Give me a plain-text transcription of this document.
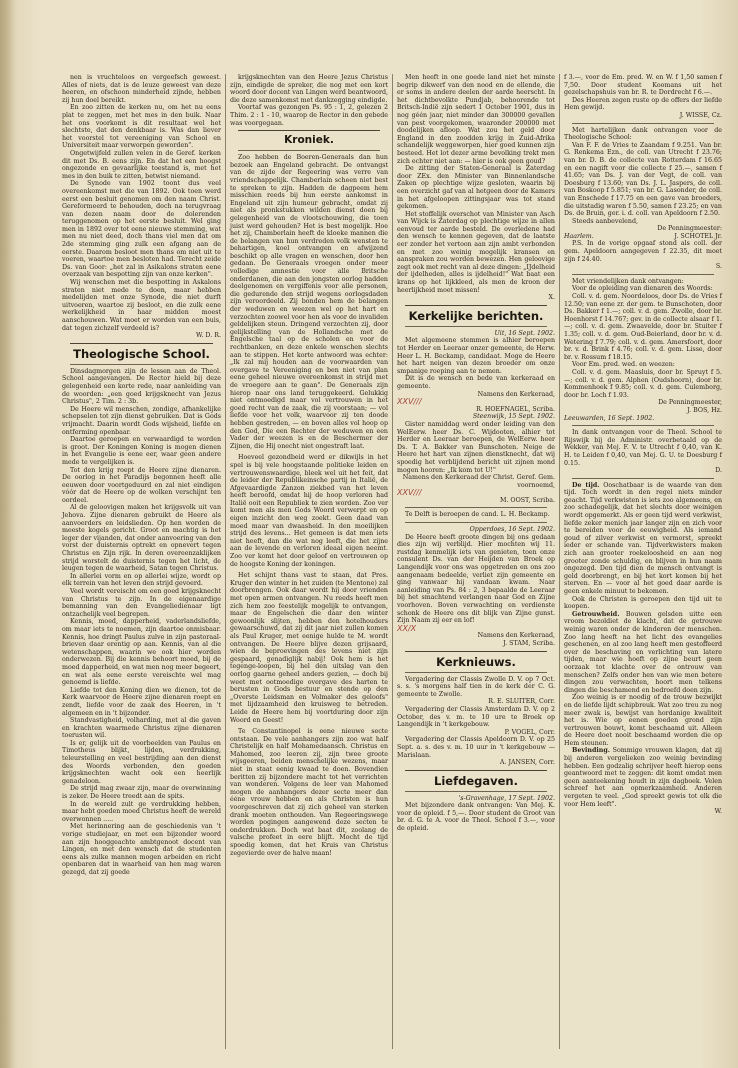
nen is vruchteloos en vergeefsch geweest. Alles of niets, dat is de leuze geweest van deze heeren, en ofschoon minderheid zijnde, hebben zij hun doel bereikt.

En zoo zitten de kerken nu, om het nu eens plat te zeggen, met het mes in den buik. Naar het ons voorkomt is dit resultaat wel het slechtste, dat den denkbaar is. Was dan liever het voorstel tot vereeniging van School en Universiteit maar verworpen geworden".

Ongetwijfeld zullen velen in de Geref. kerken dit met Ds. B. eens zijn. En dat het een hoogst ongezonde en gevaarlijke toestand is, met het mes in den buik te zitten, betwist niemand.

De Synode van 1902 toont dus veel overeenkomst met die van 1892. Ook toen werd eerst een besluit genomen om den naam Christ. Gereformeerd te behouden, doch na terugvraag van dezen naam door de dolerenden teruggenomen op het eerste besluit. Wel ging men in 1892 over tot eene nieuwe stemming, wat men nu niet deed, doch thans viel men dat om 2de stemming ging zulk een afgang aan de eerste. Daarom besloot men thans om niet uit te voeren, waartoe men besloten had. Terecht zeide Ds. van Goor: „het zal in Asikalons straten eene overzaak van bespotting zijn van onze kerken".

Wij wenschen met die bespotting in Askalons straten niet mede te doen, maar hebben medelijden met onze Synode, die niet durft uitvoeren, waartoe zij besloot, en die zulk eene werkelijkheid in haar midden moest aanschouwen. Wat moet er worden van een buis, dat tegen zichzelf verdeeld is?

W. D. R.

Theologische School.

Dinsdagmorgen zijn de lessen aan de Theol. School aangevangen. De Rector hield bij deze gelegenheid een korte rede, naar aanleiding van de woorden: „een goed krijgsknecht van Jezus Christus", 2 Tim. 2 : 3b.

De Heere wil menschen, zondige, afhankelijke schepselen tot zijn dienst gebruiken. Dat is Gods vrijmacht. Daarin wordt Gods wijsheid, liefde en ontferming openbaar.

Daartoe geroepen en verwaardigd te worden is groot. Der Koningen Koning is mogen dienen in het Evangelie is eene eer, waar geen andere mede te vergelijken is.

Tot den krijg roept de Heere zijne dienaren. De oorlog in het Paradijs begonnen heeft alle eeuwen door voortgeduurd en zal niet eindigen vóór dat de Heere op de wolken verschijnt ten oordeel.

Al de geloovigen maken het krijgsvolk uit van Jehova. Zijne dienaren gebruikt de Heere als aanvoerders en leidslieden. Op hen worden de meeste kogels gericht. Groot en machtig is het leger der vijanden, dat onder aanvoering van den vorst der duisternis optrekt en opnevert tegen Christus en Zijn rijk. In deren overeenzaklijken strijd worstelt de duisternis tegen het licht, de leugen tegen de waarheid, Satan tegen Christus.

In allerlei vorm en op allerlei wijze, wordt op elk terrein van het leven den strijd gevoerd.

Veel wordt vereischt om een goed krijgsknecht van Christus te zijn. In de eigenaardige bemanning van den Evangeliedienaar ligt ontzachelijk veel begrepen.

Kennis, moed, dapperheid, vaderlandsliefde, om maar iets te noemen, zijn daartoe onmisbaar. Kennis, hoe dringt Paulus zulve in zijn pastoraal-brieven daar erentig op aan. Kennis, van al die wetenschappen, waarin we ook hier worden onderwezen. Bij die kennis behoort moed, bij de moed dapperheid, en wat men nog meer begeert, en wat als eene eerste vereischte wel mag genoemd is liefde.

Liefde tot den Koning dien we dienen, tot de Kerk waarvoor de Heere zijne dienaren roept en zendt, liefde voor de zaak des Heeren, in 't algemeen en in 't bijzonder.

Standvastigheid, volharding, met al die gaven en krachten waarmede Christus zijne dienaren toerusten wil.

Is er, gelijk uit de voorbeelden van Paulus en Timotheus blijkt, lijden, verdrukking, teleurstelling en veel bestrijding aan den dienst des Woords verbonden, den goeden krijgsknechten wacht ook een heerlijk genadeloon.

De strijd mag zwaar zijn, maar de overwinning is zeker. De Heere treedt aan de spits.

In de wereld zult ge verdrukking hebben, maar hebt goeden moed Christus heeft de wereld overwonnen .....

Met herinnering aan de geschiedenis van 't vorige studiejaar, en met een bijzonder woord aan zijn hooggeachte ambtgenoot docent van Lingen, en met den wensch dat de studenten eens als zulke mannen mogen arbeiden en richt openbaren dat in waarheid van hen mag waren gezegd, dat zij goede

krijgsknechten van den Heere Jezus Christus zijn, eindigde de spreker, die nog met een kort woord door docent van Lingen werd beantwoord, die deze samenkomst met dankzegging eindigde.

Voortaf was gezongen Ps. 95 : 1, 2, gelezen 2 Thim. 2 : 1 - 10, waarop de Rector in den gebede was voorgegaan.

Kroniek.

Zoo hebben de Boeren-Generaals dan hun bezoek aan Engeland gebracht. De ontvangst van de zijde der Regeering was verre van vriendschappelijk. Chamberlain scheen niet best te spreken te zijn. Hadden de dagpeem hem misschien reeds bij hun eerste aankomst in Engeland uit zijn humeur gebracht, omdat zij niet als pronkstukken wilden dienst doen bij gelegenheid van de vlootschouwing, die toen juist werd gehouden? Het is best mogelijk. Hoe het zij, Chamberlain heeft de kloeke mannen die de belangen van hun verdreden volk wensten te behartigen, koel ontvangen en afwijzend beschikt op alle vragen en wenschen, door hen gedaan. De Generaals vroegen onder meer volledige amnestie voor alle Britsche onderdanen, die aan den jongsten oorlog hadden deelgenomen en vergiffenis voor alle personen, die gedurende den strijd wegens oorlogsdaden zijn veroordeeld. Zij bonden hem de belangen der weduwen en weezen wel op het hart en verzochten zoowel voor hen als voor de invaliden geldelijken steun. Dringend verzochten zij, door gelijkstelling van de Hollandsche met de Engelsche taal op de scholen en voor de rechtbanken, en deze enkele wenschen slechts aan te stippen. Het korte antwoord was echter: „Ik zal mij houden aan de voorwaarden van overgave te Vereeniging en ben niet van plan eene geheel nieuwe overeenkomst in strijd met de vroegere aan te gaan". De Generaals zijn hierop naar ons land teruggekeerd. Gelukkig niet ontmoedigd maar vol vertrouwen in het goed recht van de zaak, die zij voorstaan; — vol liefde voor het volk, waarvoor zij ten doode hebben gestreden, — en boven alles vol hoop op den God, Die een Rechter der weduwen en een Vader der weezen is en de Beschermer der Zijnen, die Hij onecht niet ongestraft laat.

Hoeveel gezondbeid werd er dikwijls in het spel is bij vele hoogstaande politieke leiden en vertrouwenswaardige, bleek wel uit het feit, dat de leider der Republikeinsche partij in Italië, de Afgevaardigde Zanzon ziekbed van het leven heeft beroofd, omdat hij de hoop verloren had Italië ooit een Republiek te zien worden. Zoo ver komt men als men Gods Woord verwerpt en op eigen inzicht den weg zoekt. Geen daad van moed maar van dwaasheid. In den moeilijken strijd des levens... Het gemeen is dat men iets niet heeft, dan die wat nog leeft, die het zijne aan de levende en verloren ideaal eigen neemt. Zoo ver komt het door geloof en vertrouwen op de hoogste Koning der koningen.

Het schijnt thans vast te staan, dat Pres. Kruger den winter in het zuiden (te Mentone) zal doorbrengen. Ook daar wordt hij door vrienden met open armen ontvangen. Nu reeds heeft men zich hem zoo feestelijk mogelijk te ontvangen, maar de Engelschen die daar den winter gewoonlijk slijten, hebben den hotelhouders gewaarschuwd, dat zij dit jaar niet zullen komen als Paul Kruger, met eenige hulde te M. wordt ontvangen. De Heere blijve dezen grijsaard, wien de beproevingen des levens niet zijn gespaard, genadiglijk nabij! Ook hem is het tegenge-loopen, bij hel den uitslag van den oorlog gaarne geheel anders gezien, — doch bij weet met ootmoedige overgave des harten te berusten in Gods bestuur en stende op den „Overste Leidsman en Volmaker des geloofs" met lijdzaamheid den kruisweg te betreden. Leide de Heere hem bij voortduring door zijn Woord en Geest!

Te Constantinopel is eene nieuwe secte ontstaan. De vele aanhangers zijn zoo wat half Christelijk en half Mohamedaansch. Christus en Mahomed, zoo leeren zij, zijn twee groote wijsgeeren, beiden menschelijke wezens, maar niet in staat eenig kwaad te doen. Bovendien beritten zij bijzondere macht tot het verrichten van wonderen. Volgens de leer van Mahomed mogen de aanhangers dezer secte meer dan ééne vrouw hebben en als Christen is hun voorgeschreven dat zij zich geheel van sterken drank moeten onthouden. Van Regeeringswege worden pogingen aangewend deze secten te onderdrukken. Doch wat baat dit, zoolang de valsche profeet in eere blijft. Mocht de tijd spoedig komen, dat het Kruis van Christus zegevierde over de halve maan!

Men heeft in one goede land niet het minste begrip dikwerf van den nood en de ellende, die er soms in andere deelen der aarde heerscht. In het dichtbevolkte Pundjab, behoorende tot Britsch-Indië zijn sedert 1 October 1901, dus in nog géén jaar, niet minder dan 300000 gevallen van pest voorgekomen, waaronder 200000 met doodelijken afloop. Wat zou het geld door England in den zoodden krijg in Zuid-Afrika schandelijk weggeworpen, hier goed kunnen zijn besteed. Het lot dezer arme bevolking trekt men zich echter niet aan: — hier is ook geen goud?

De zitting der Staten-Generaal is Zaterdag door ZEx. den Minister van Binnenlandsche Zaken op plechtige wijze gesloten, waarin bij een overzicht gaf van al hetgeen door de Kamers in het afgeloopen zittingsjaar was tot stand gekomen.

Het stoffelijk overschot van Minister van Asch van Wijck is Zaterdag op plechtige wijze in allen eenvoud ter aarde besteld. De overledene had den wensch te kennen gegeven, dat de laatste eer zonder het vertoon aan zijn ambt verbonden en met zoo weinig mogelijk kransen en aanspraken zou worden bewezen. Hen geloovige zegt ook met recht van al deze dingen: „IJdelheid der ijdelheden, alles is ijdelheid!" Wat baat een krans op het lijkkleed, als men de kroon der heerlijkheid moet missen!

X.

Kerkelijke berichten.

Uit, 16 Sept. 1902.

Met algemeene stemmen is alhier beroepen tot Herder en Leeraar onzer gemeente, de Herw. Heer L. H. Beckamp, candidaat. Moge de Heere het hart neigen van dezen broeder om onze smpanige roeping aan te nemen.

Dit is de wensch en bede van kerkeraad en gemeente.

Namens den Kerkeraad,

XXV///

R. HOEFNAGEL, Scriba.

Steenwijk, 15 Sept. 1902.

Gister namiddag werd onder leiding van den WelEerw. heer Ds. C. Wijdooten, alhier tot Herder en Leeraar beroepen, de WelEerw. heer Ds. T. A. Bakker van Bunschoten. Neige de Heere het hart van zijnen dienstknecht, dat wij spoedig het verblijdend bericht uit zijnen mond mogen hooren: „Ik kom tot U!"

Namens den Kerkeraad der Christ. Geref. Gem. voornoemd,

XXV///

M. OOST, Scriba.

Te Delft is beroepen de cand. L. H. Beckamp.

Opperdoes, 16 Sept. 1902.

De Heere heeft groote dingen bij ons gedaan dies zijn wij verblijd. Hier mochten wij 11. rustdag kenmelijk iets van genieten, toen onze consulent Ds. van der Heijden van Broek op Langendijk voor ons was opgetreden en ons zoo aangenaam bedeelde, verliet zijn gemeente en ging vanwaar hij vandaan kwam. Naar aanleiding van Ps. 84 : 2, 3 bepaalde de Leeraar bij het smachtend verlangen naar God en Zijne voorhoven. Boven verwachting en verdienste schonk de Heere ons dit blijk van Zijne gunst. Zijn Naam zij eer en lof!

XX/X

Namens den Kerkeraad,

J. STAM, Scriba.

Kerknieuws.

Vergadering der Classis Zwolle D. V. op 7 Oct. s. s. 's morgens half tien in de kerk der C. G. gemeente te Zwolle.

R. E. SLUITER, Corr.

Vergadering der Classis Amsterdam D. V. op 2 October, des v. m. te 10 ure te Broek op Langendijk in 't kerkgebouw.

P. VOGEL, Corr.

Vergadering der Classis Apeldoorn D. V. op 25 Sept. a. s. des v. m. 10 uur in 't kerkgebouw — Marislaan.

A. JANSEN, Corr.

Liefdegaven.

's-Gravenhage, 17 Sept. 1902.

Met bijzondere dank ontvangen: Van Mej. K. voor de opleid. f 5,—. Door student de Groot van br. d. G. te A. voor de Theol. School f 3.—, voor de opleid.

f 3.—, voor de Em. pred. W. en W. f 1,50 samen f 7,50. Door student Koomans uit het gezelschapshuis van br. R. te Dordrecht f 6.—.

Des Heeren zegen ruste op de offers der liefde Hem gewijd.

J. WISSE, Cz.

Met hartelijken dank ontvangen voor de Theologische School:

Van F. F. de Vries te Zaandam f 9.251. Van br. G. Renkema Ezn., de coll. van Utrecht f 23.76; van br. D. B. de collecte van Rotterdam f 16.65 en een nagift voor die collecte f 25.—, samen f 41.65; van Ds. J. van der Vegt, de coll. van Doesburg f 13.60; van Ds. J. L. Jaspers, de coll. van Boskoop f 5.851; van br. G. Lasonder, de coll. van Enschede f 17.75 en een gave van broeders, die uitstadig waren f 5.50, samen f 23.25; en van Ds. de Bruin, ger. i. d. coll. van Apeldoorn f 2.50.

Steeds aanbevelend,

De Penningmeester:

Haarlem.	J. SCHOTEL Jr.

P.S. In de vorige opgaaf stond als coll. der gem. Apeldoorn aangegeven f 22.35, dit moet zijn f 24.40.

S.

Met vriendelijken dank ontvangen:

Voor de opleiding van dienaren des Woords:

Coll. v. d. gem. Noordeloos, door Ds. de Vries f 12.50; van eene zr. der gem. te Bunschoten, door Ds. Bakker f 1.—; coll. v. d. gem. Zwolle, door br. Hoenhorst f 14.767; gev. in de collecte alsaar f 1.—; coll. v. d. gem. Zwaavelde, door br. Stuiter f 1.35; coll. v. d. gem. Oud-Beierland, door br. v. d. Wetering f 7.79; coll. v. d. gem. Amersfoort, door br. v. d. Brink f 4.76; coll. v. d. gem. Lisse, door br. v. Rossum f 18.15.

Voor Em. pred. wed. en weezen:

Coll. v. d. gem. Maasluis, door br. Spruyt f 5.—; coll. v. d. gem. Alphen (Oudshoorn), door br. Kommenhoek f 9.85; coll. v. d. gem. Culemborg, door br. Loch f 1.93.

De Penningmeester,

J. BOS, Hz.

Leeuwarden, 16 Sept. 1902.

In dank ontvangen voor de Theol. School te Rijswijk bij de Administr. overbetaald op de Wekker, van Mej. F. V. te Utrecht f 0,40, van K. H. te Leiden f 0,40, van Mej. G. U. te Doesburg f 0.15.

D.

De tijd. Ooschatbaar is de waarde van den tijd. Toch wordt in den regel niets minder geacht. Tijd verkwisten is iets zoo algemeens, en zoo schadegelijk, dat het slechts door weinigen wordt opgemerkt. Als er geen tijd werd verkwist, liefde zeker menich jaar langer zijn en zich voor te bereiden voor de eeuwigheid. Als iemand goud of zilver verkwist en vermorst, spreekt ieder er schande van. Tijdverkwisters maken zich aan grooter roekeloosheid en aan nog grooter zonde schuldig, en blijven in hun naam ongezegd. Den tijd dien de mensch ontvangt is geld doorbrengt, en bij het kort komen bij het sterven. En — voor al het goed daar aarde is geen enkele minuut te bekomen.

Ook de Christen is geroepen den tijd uit te koopen.

Getrouwheid. Bouwen gelsden uitte een vroom bezoldiet de klacht, dat de getrouwe weinig waren onder de kinderen der menschen. Zoo lang heeft na het licht des evangelies geschenen, en al zoo lang heeft men gestoffeerd over de beschaving en verlichting van latere tijden, maar wie hoeft op zijne beurt geen oorzaak tot klachte over de ontrouw van menschen? Zelfs onder hen van wie men betere dingen zou verwachten, hoort men telkens dingen die beschamend en bedroefd doen zijn.

Zoo weinig is er noodig of de trouw bezwijkt en de liefde lijdt schipbreuk. Wat zoo treu zu nog meer zwak is, bewijst van hordanige kwaliteit het is. Wie op eenen goeden grond zijn vertrouwen bouwt, komt beschaamd uit. Alleen de Heere doet nooit beschaamd worden die op Hem steunen.

Bevinding. Sommige vrouwen klagen, dat zij bij anderen vergelieken zoo weinig bevinding hebben. Een godzalig schrijver heeft hierop eens geantwoord met te zeggen: dit komt omdat men geen aanteekening houdt in zijn dagboek. Velen schreef het aan opmerkzaamheid. Anderen vergeten te veel. „God spreekt gewis tot elk die voor Hem leeft".

W.
